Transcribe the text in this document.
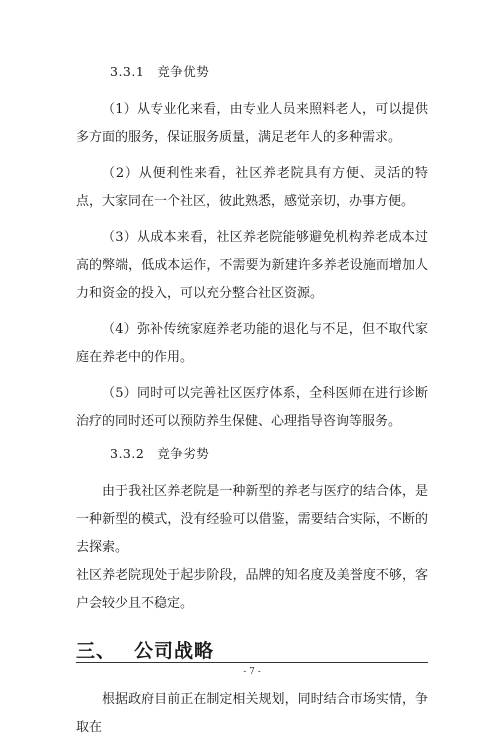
3.3.1　竞争优势

（1）从专业化来看，由专业人员来照料老人，可以提供多方面的服务，保证服务质量，满足老年人的多种需求。

（2）从便利性来看，社区养老院具有方便、灵活的特点，大家同在一个社区，彼此熟悉，感觉亲切，办事方便。

（3）从成本来看，社区养老院能够避免机构养老成本过高的弊端，低成本运作，不需要为新建许多养老设施而增加人力和资金的投入，可以充分整合社区资源。

（4）弥补传统家庭养老功能的退化与不足，但不取代家庭在养老中的作用。

（5）同时可以完善社区医疗体系，全科医师在进行诊断治疗的同时还可以预防养生保健、心理指导咨询等服务。

3.3.2　竞争劣势

由于我社区养老院是一种新型的养老与医疗的结合体，是一种新型的模式，没有经验可以借鉴，需要结合实际，不断的去探索。

社区养老院现处于起步阶段，品牌的知名度及美誉度不够，客户会较少且不稳定。

三、 公司战略

根据政府目前正在制定相关规划，同时结合市场实情，争取在

- 7 -
